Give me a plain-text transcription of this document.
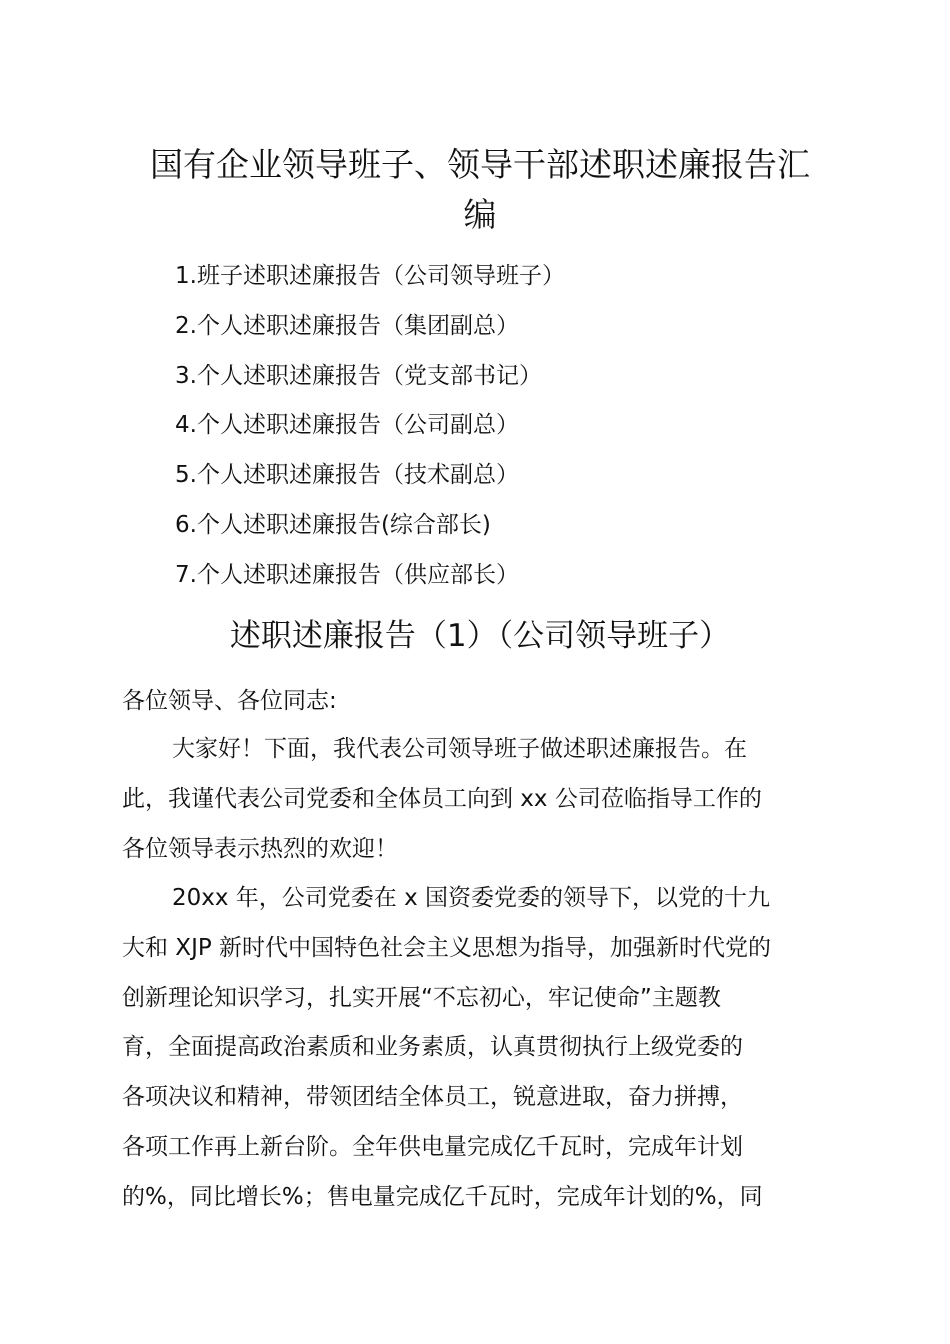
国有企业领导班子、领导干部述职述廉报告汇
编
1.班子述职述廉报告（公司领导班子）
2.个人述职述廉报告（集团副总）
3.个人述职述廉报告（党支部书记）
4.个人述职述廉报告（公司副总）
5.个人述职述廉报告（技术副总）
6.个人述职述廉报告(综合部长)
7.个人述职述廉报告（供应部长）
述职述廉报告（1）（公司领导班子）

各位领导、各位同志:

大家好！下面，我代表公司领导班子做述职述廉报告。在
此，我谨代表公司党委和全体员工向到 xx 公司莅临指导工作的
各位领导表示热烈的欢迎！

20xx 年，公司党委在 x 国资委党委的领导下，以党的十九
大和 XJP 新时代中国特色社会主义思想为指导，加强新时代党的
创新理论知识学习，扎实开展“不忘初心，牢记使命”主题教
育，全面提高政治素质和业务素质，认真贯彻执行上级党委的
各项决议和精神，带领团结全体员工，锐意进取，奋力拼搏，
各项工作再上新台阶。全年供电量完成亿千瓦时，完成年计划
的%，同比增长%；售电量完成亿千瓦时，完成年计划的%，同
